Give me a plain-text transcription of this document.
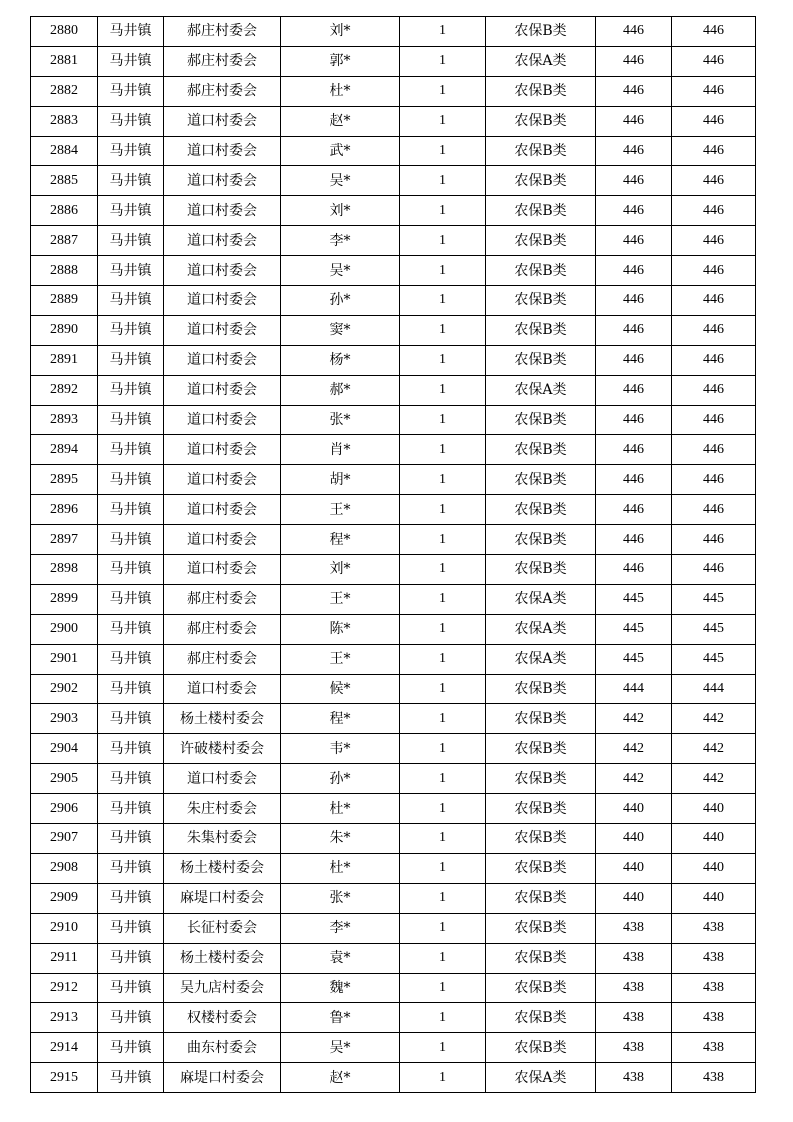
2880	马井镇	郝庄村委会	刘*	1	农保B类	446	446
2881	马井镇	郝庄村委会	郭*	1	农保A类	446	446
2882	马井镇	郝庄村委会	杜*	1	农保B类	446	446
2883	马井镇	道口村委会	赵*	1	农保B类	446	446
2884	马井镇	道口村委会	武*	1	农保B类	446	446
2885	马井镇	道口村委会	吴*	1	农保B类	446	446
2886	马井镇	道口村委会	刘*	1	农保B类	446	446
2887	马井镇	道口村委会	李*	1	农保B类	446	446
2888	马井镇	道口村委会	吴*	1	农保B类	446	446
2889	马井镇	道口村委会	孙*	1	农保B类	446	446
2890	马井镇	道口村委会	窦*	1	农保B类	446	446
2891	马井镇	道口村委会	杨*	1	农保B类	446	446
2892	马井镇	道口村委会	郝*	1	农保A类	446	446
2893	马井镇	道口村委会	张*	1	农保B类	446	446
2894	马井镇	道口村委会	肖*	1	农保B类	446	446
2895	马井镇	道口村委会	胡*	1	农保B类	446	446
2896	马井镇	道口村委会	王*	1	农保B类	446	446
2897	马井镇	道口村委会	程*	1	农保B类	446	446
2898	马井镇	道口村委会	刘*	1	农保B类	446	446
2899	马井镇	郝庄村委会	王*	1	农保A类	445	445
2900	马井镇	郝庄村委会	陈*	1	农保A类	445	445
2901	马井镇	郝庄村委会	王*	1	农保A类	445	445
2902	马井镇	道口村委会	候*	1	农保B类	444	444
2903	马井镇	杨土楼村委会	程*	1	农保B类	442	442
2904	马井镇	许破楼村委会	韦*	1	农保B类	442	442
2905	马井镇	道口村委会	孙*	1	农保B类	442	442
2906	马井镇	朱庄村委会	杜*	1	农保B类	440	440
2907	马井镇	朱集村委会	朱*	1	农保B类	440	440
2908	马井镇	杨土楼村委会	杜*	1	农保B类	440	440
2909	马井镇	麻堤口村委会	张*	1	农保B类	440	440
2910	马井镇	长征村委会	李*	1	农保B类	438	438
2911	马井镇	杨土楼村委会	袁*	1	农保B类	438	438
2912	马井镇	吴九店村委会	魏*	1	农保B类	438	438
2913	马井镇	权楼村委会	鲁*	1	农保B类	438	438
2914	马井镇	曲东村委会	吴*	1	农保B类	438	438
2915	马井镇	麻堤口村委会	赵*	1	农保A类	438	438
